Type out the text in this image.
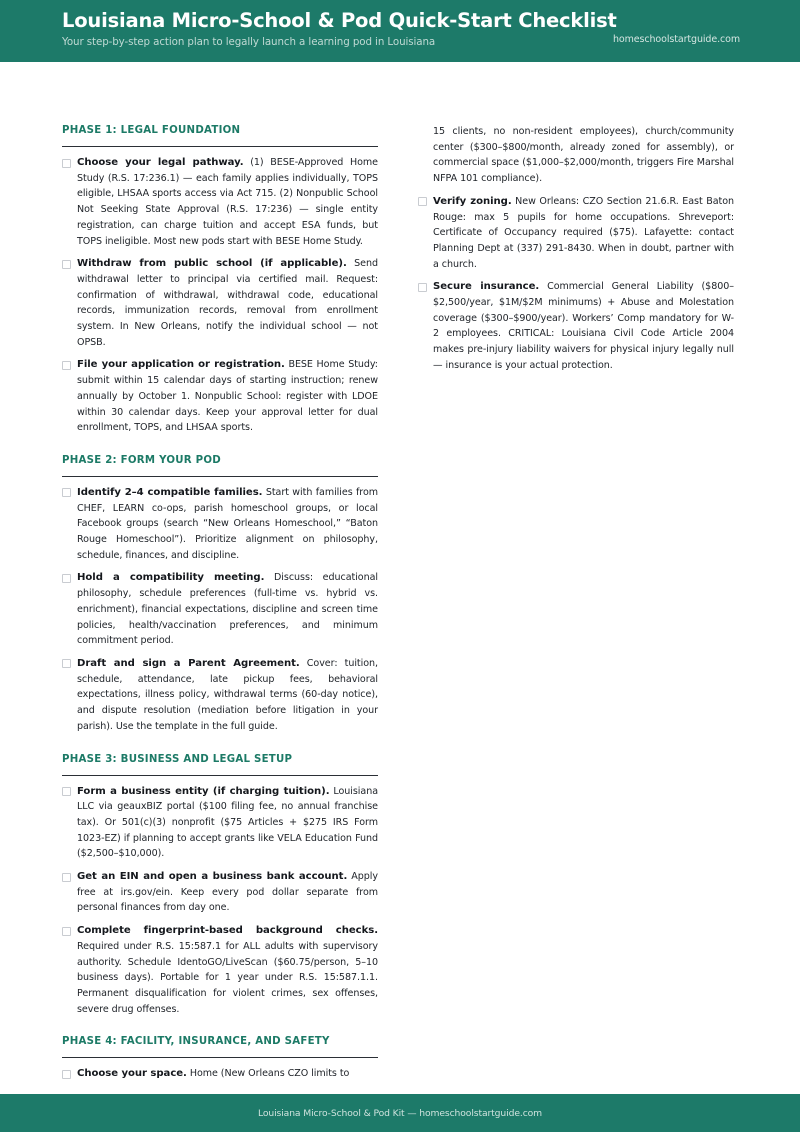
Louisiana Micro-School & Pod Quick-Start Checklist
Your step-by-step action plan to legally launch a learning pod in Louisiana	homeschoolstartguide.com
PHASE 1: LEGAL FOUNDATION
Choose your legal pathway. (1) BESE-Approved Home Study (R.S. 17:236.1) — each family applies individually, TOPS eligible, LHSAA sports access via Act 715. (2) Nonpublic School Not Seeking State Approval (R.S. 17:236) — single entity registration, can charge tuition and accept ESA funds, but TOPS ineligible. Most new pods start with BESE Home Study.
Withdraw from public school (if applicable). Send withdrawal letter to principal via certified mail. Request: confirmation of withdrawal, withdrawal code, educational records, immunization records, removal from enrollment system. In New Orleans, notify the individual school — not OPSB.
File your application or registration. BESE Home Study: submit within 15 calendar days of starting instruction; renew annually by October 1. Nonpublic School: register with LDOE within 30 calendar days. Keep your approval letter for dual enrollment, TOPS, and LHSAA sports.
PHASE 2: FORM YOUR POD
Identify 2–4 compatible families. Start with families from CHEF, LEARN co-ops, parish homeschool groups, or local Facebook groups (search “New Orleans Homeschool,” “Baton Rouge Homeschool”). Prioritize alignment on philosophy, schedule, finances, and discipline.
Hold a compatibility meeting. Discuss: educational philosophy, schedule preferences (full-time vs. hybrid vs. enrichment), financial expectations, discipline and screen time policies, health/vaccination preferences, and minimum commitment period.
Draft and sign a Parent Agreement. Cover: tuition, schedule, attendance, late pickup fees, behavioral expectations, illness policy, withdrawal terms (60-day notice), and dispute resolution (mediation before litigation in your parish). Use the template in the full guide.
PHASE 3: BUSINESS AND LEGAL SETUP
Form a business entity (if charging tuition). Louisiana LLC via geauxBIZ portal ($100 filing fee, no annual franchise tax). Or 501(c)(3) nonprofit ($75 Articles + $275 IRS Form 1023-EZ) if planning to accept grants like VELA Education Fund ($2,500–$10,000).
Get an EIN and open a business bank account. Apply free at irs.gov/ein. Keep every pod dollar separate from personal finances from day one.
Complete fingerprint-based background checks. Required under R.S. 15:587.1 for ALL adults with supervisory authority. Schedule IdentoGO/LiveScan ($60.75/person, 5–10 business days). Portable for 1 year under R.S. 15:587.1.1. Permanent disqualification for violent crimes, sex offenses, severe drug offenses.
PHASE 4: FACILITY, INSURANCE, AND SAFETY
Choose your space. Home (New Orleans CZO limits to
15 clients, no non-resident employees), church/community center ($300–$800/month, already zoned for assembly), or commercial space ($1,000–$2,000/month, triggers Fire Marshal NFPA 101 compliance).
Verify zoning. New Orleans: CZO Section 21.6.R. East Baton Rouge: max 5 pupils for home occupations. Shreveport: Certificate of Occupancy required ($75). Lafayette: contact Planning Dept at (337) 291-8430. When in doubt, partner with a church.
Secure insurance. Commercial General Liability ($800–$2,500/year, $1M/$2M minimums) + Abuse and Molestation coverage ($300–$900/year). Workers’ Comp mandatory for W-2 employees. CRITICAL: Louisiana Civil Code Article 2004 makes pre-injury liability waivers for physical injury legally null — insurance is your actual protection.
Louisiana Micro-School & Pod Kit — homeschoolstartguide.com
